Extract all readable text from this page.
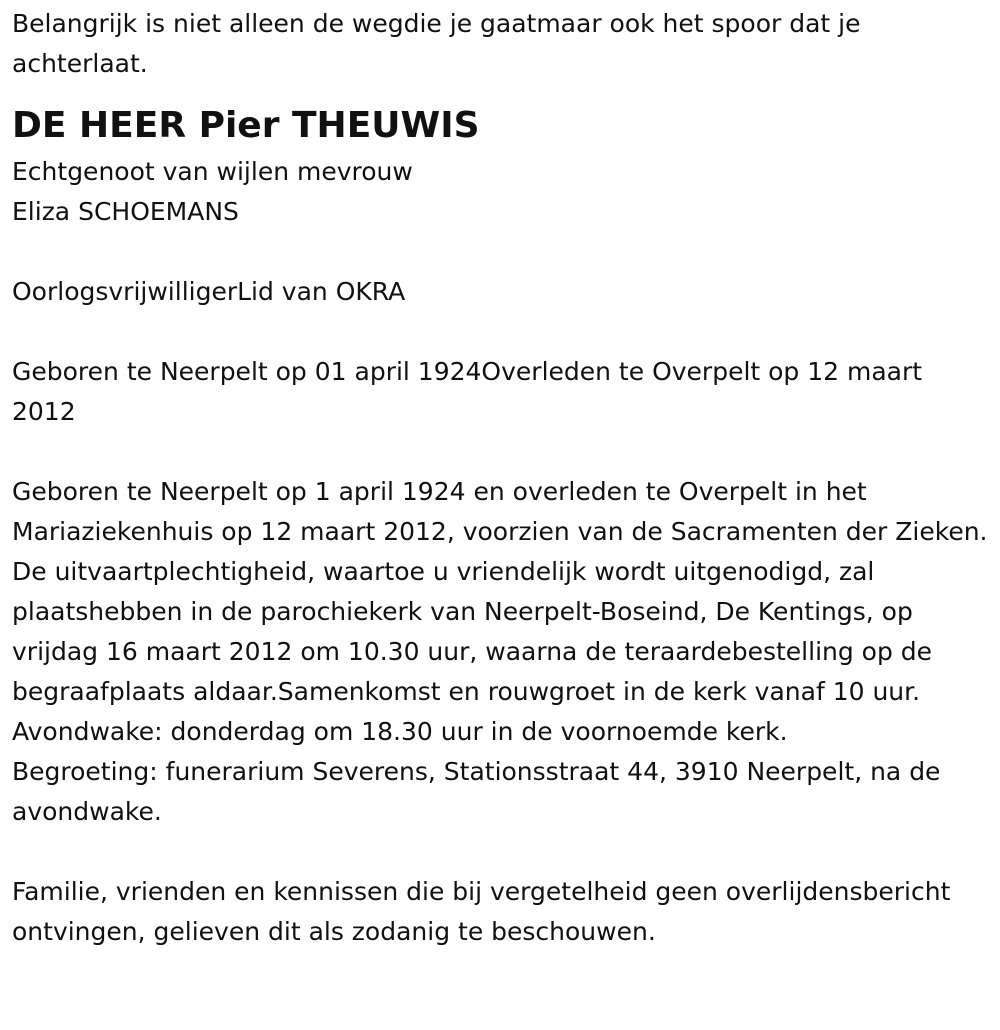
Belangrijk is niet alleen de wegdie je gaatmaar ook het spoor dat je achterlaat.

DE HEER Pier THEUWIS

Echtgenoot van wijlen mevrouw
Eliza SCHOEMANS

OorlogsvrijwilligerLid van OKRA

Geboren te Neerpelt op 01 april 1924Overleden te Overpelt op 12 maart 2012

Geboren te Neerpelt op 1 april 1924 en overleden te Overpelt in het Mariaziekenhuis op 12 maart 2012, voorzien van de Sacramenten der Zieken.

De uitvaartplechtigheid, waartoe u vriendelijk wordt uitgenodigd, zal plaatshebben in de parochiekerk van Neerpelt-Boseind, De Kentings, op vrijdag 16 maart 2012 om 10.30 uur, waarna de teraardebestelling op de begraafplaats aldaar.Samenkomst en rouwgroet in de kerk vanaf 10 uur.

Avondwake: donderdag om 18.30 uur in de voornoemde kerk.

Begroeting: funerarium Severens, Stationsstraat 44, 3910 Neerpelt, na de avondwake.

Familie, vrienden en kennissen die bij vergetelheid geen overlijdensbericht ontvingen, gelieven dit als zodanig te beschouwen.
